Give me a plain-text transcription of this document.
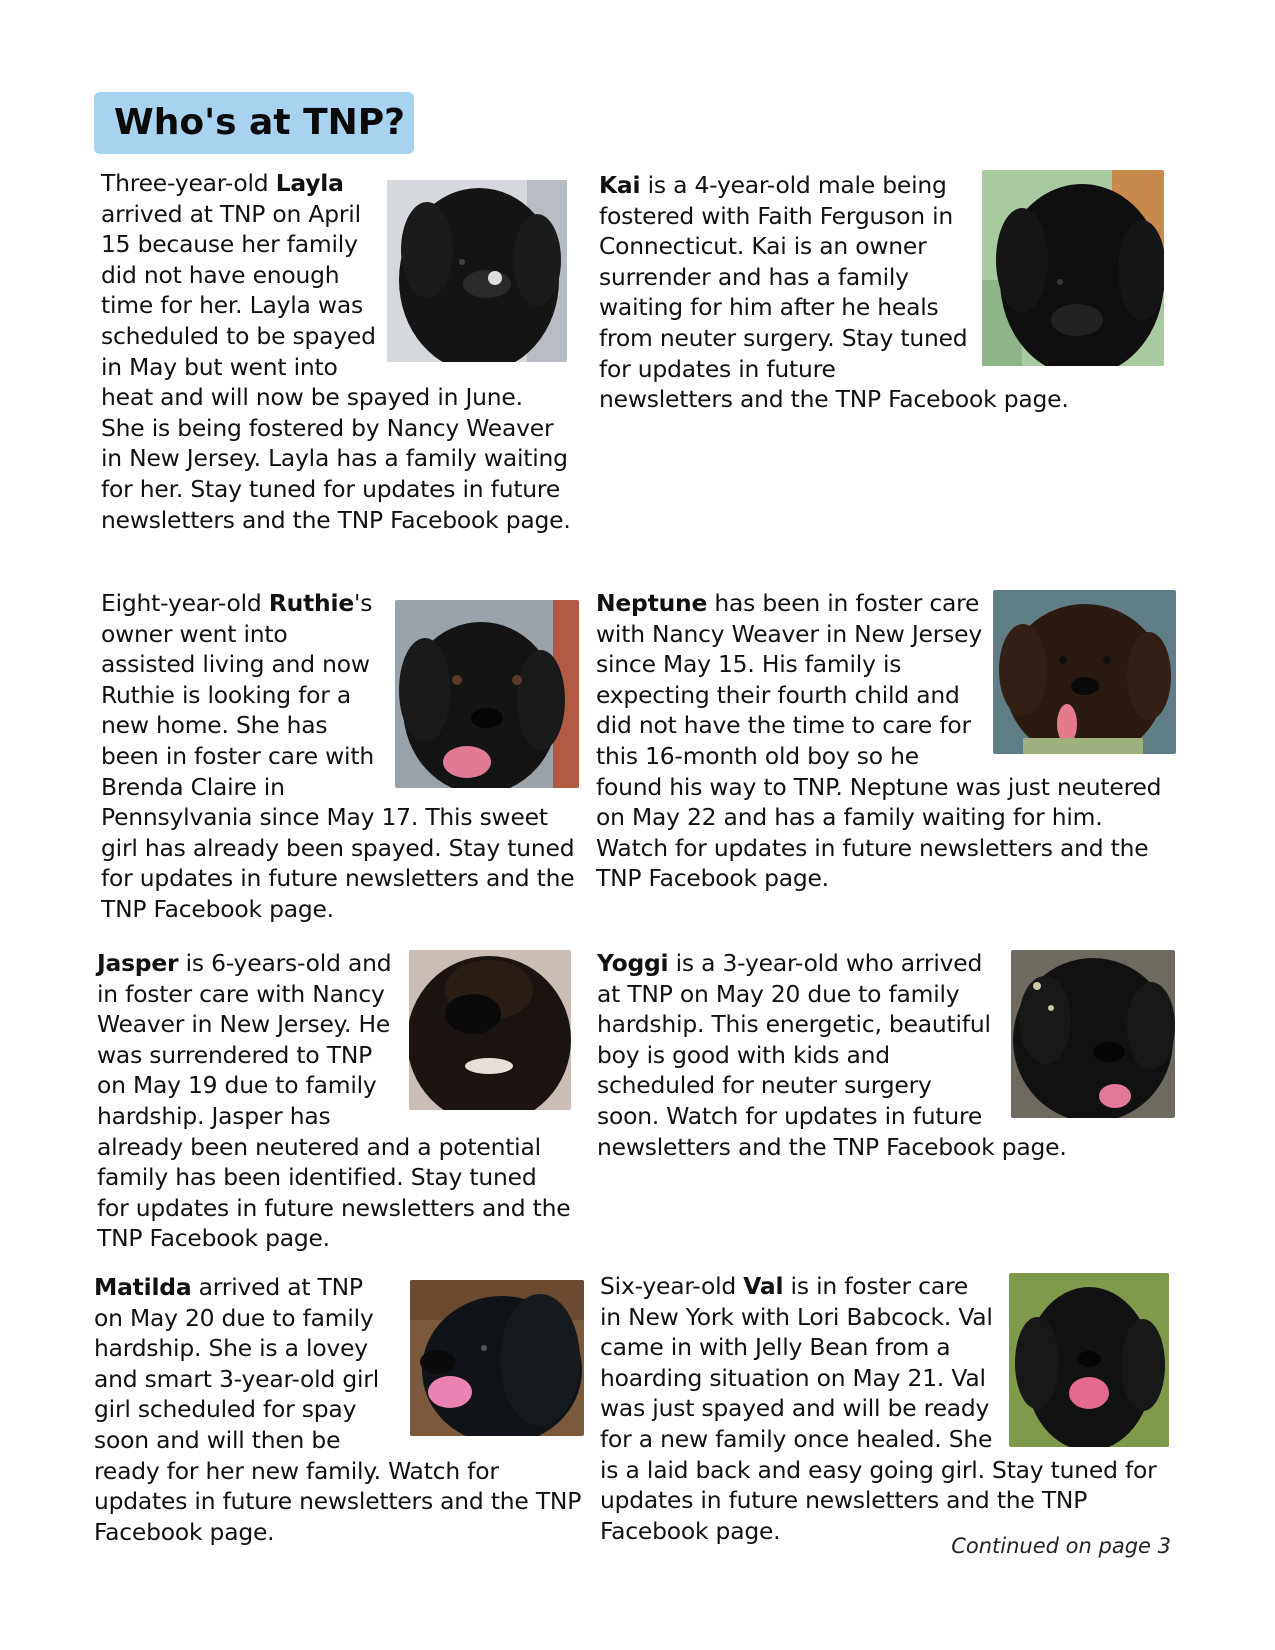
Who's at TNP?
Three-year-old Layla arrived at TNP on April 15 because her family did not have enough time for her. Layla was scheduled to be spayed in May but went into heat and will now be spayed in June. She is being fostered by Nancy Weaver in New Jersey. Layla has a family waiting for her. Stay tuned for updates in future newsletters and the TNP Facebook page.
Kai is a 4-year-old male being fostered with Faith Ferguson in Connecticut. Kai is an owner surrender and has a family waiting for him after he heals from neuter surgery. Stay tuned for updates in future newsletters and the TNP Facebook page.
Eight-year-old Ruthie's owner went into assisted living and now Ruthie is looking for a new home. She has been in foster care with Brenda Claire in Pennsylvania since May 17. This sweet girl has already been spayed. Stay tuned for updates in future newsletters and the TNP Facebook page.
Neptune has been in foster care with Nancy Weaver in New Jersey since May 15. His family is expecting their fourth child and did not have the time to care for this 16-month old boy so he found his way to TNP. Neptune was just neutered on May 22 and has a family waiting for him. Watch for updates in future newsletters and the TNP Facebook page.
Jasper is 6-years-old and in foster care with Nancy Weaver in New Jersey. He was surrendered to TNP on May 19 due to family hardship. Jasper has already been neutered and a potential family has been identified. Stay tuned for updates in future newsletters and the TNP Facebook page.
Yoggi is a 3-year-old who arrived at TNP on May 20 due to family hardship. This energetic, beautiful boy is good with kids and scheduled for neuter surgery soon. Watch for updates in future newsletters and the TNP Facebook page.
Matilda arrived at TNP on May 20 due to family hardship. She is a lovey and smart 3-year-old girl girl scheduled for spay soon and will then be ready for her new family. Watch for updates in future newsletters and the TNP Facebook page.
Six-year-old Val is in foster care in New York with Lori Babcock. Val came in with Jelly Bean from a hoarding situation on May 21. Val was just spayed and will be ready for a new family once healed. She is a laid back and easy going girl. Stay tuned for updates in future newsletters and the TNP Facebook page.
Continued on page 3
